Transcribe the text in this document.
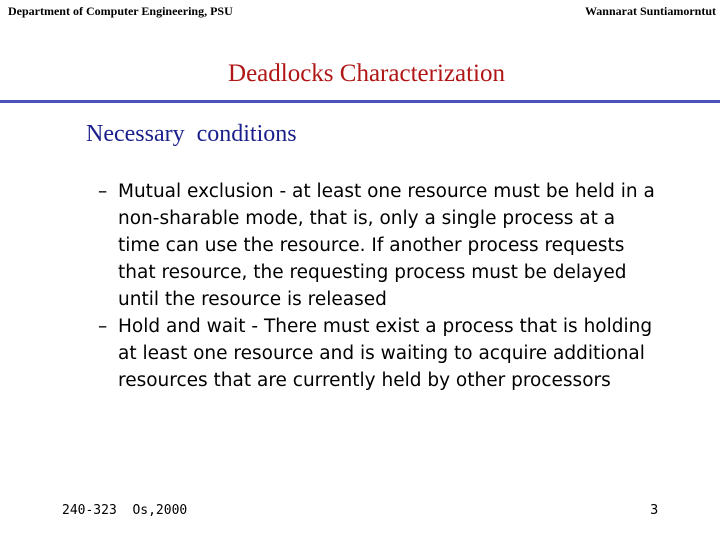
Department of Computer Engineering, PSU	Wannarat Suntiamorntut
Deadlocks Characterization
Necessary  conditions
– Mutual exclusion - at least one resource must be held in a non-sharable mode, that is, only a single process at a time can use the resource. If another process requests that resource, the requesting process must be delayed until the resource is released
– Hold and wait - There must exist a process that is holding at least one resource and is waiting to acquire additional resources that are currently held by other processors
240-323  Os,2000	3
